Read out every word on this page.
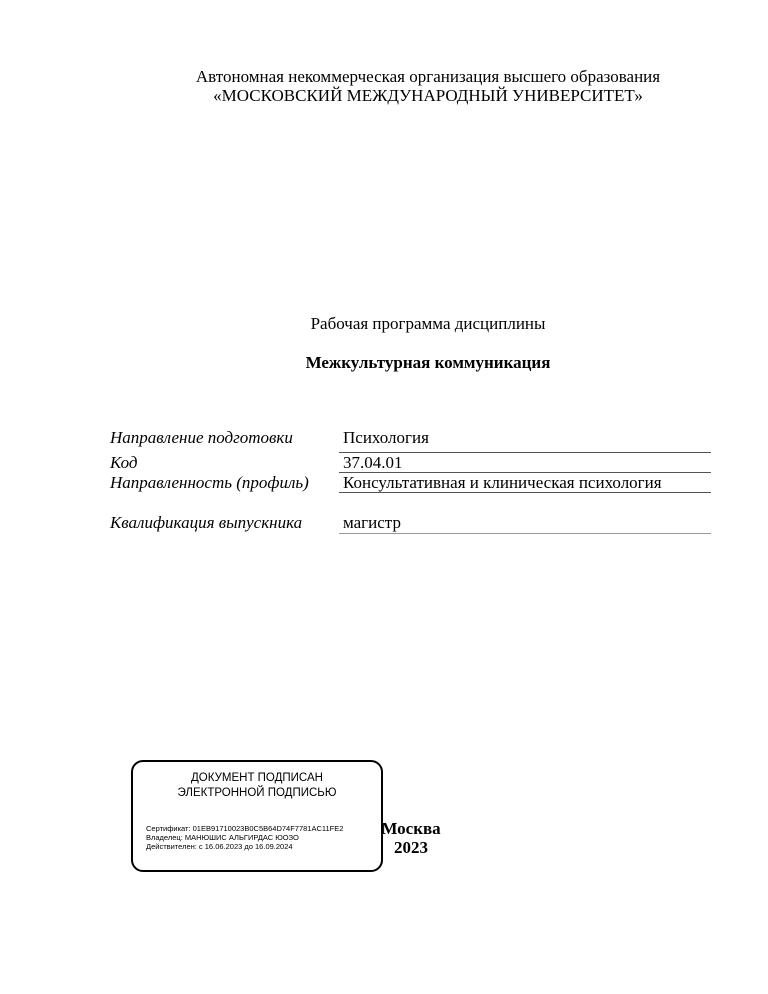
Автономная некоммерческая организация высшего образования
«МОСКОВСКИЙ МЕЖДУНАРОДНЫЙ УНИВЕРСИТЕТ»
Рабочая программа дисциплины
Межкультурная коммуникация
Направление подготовки	Психология
Код	37.04.01
Направленность (профиль) Консультативная и клиническая психология
Квалификация выпускника магистр
ДОКУМЕНТ ПОДПИСАН
ЭЛЕКТРОННОЙ ПОДПИСЬЮ
Сертификат: 01EB91710023B0C5B64D74F7781AC11FE2
Владелец: МАНЮШИС АЛЬГИРДАС ЮОЗО
Действителен: с 16.06.2023 до 16.09.2024
Москва
2023
